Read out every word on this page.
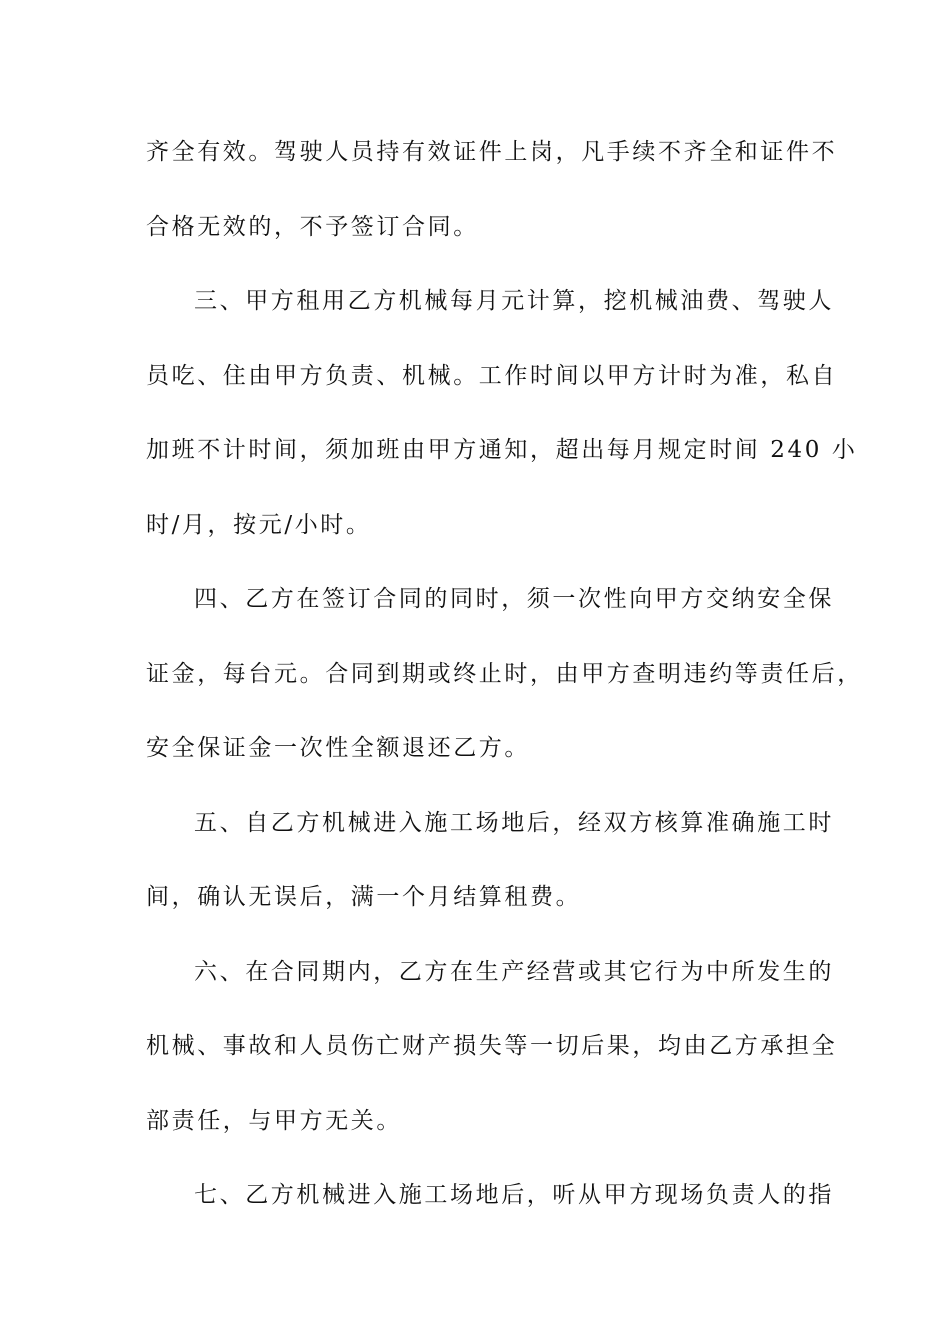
齐全有效。驾驶人员持有效证件上岗，凡手续不齐全和证件不
合格无效的，不予签订合同。
三、甲方租用乙方机械每月元计算，挖机械油费、驾驶人
员吃、住由甲方负责、机械。工作时间以甲方计时为准，私自
加班不计时间，须加班由甲方通知，超出每月规定时间 240 小
时/月，按元/小时。
四、乙方在签订合同的同时，须一次性向甲方交纳安全保
证金，每台元。合同到期或终止时，由甲方查明违约等责任后，
安全保证金一次性全额退还乙方。
五、自乙方机械进入施工场地后，经双方核算准确施工时
间，确认无误后，满一个月结算租费。
六、在合同期内，乙方在生产经营或其它行为中所发生的
机械、事故和人员伤亡财产损失等一切后果，均由乙方承担全
部责任，与甲方无关。
七、乙方机械进入施工场地后，听从甲方现场负责人的指
